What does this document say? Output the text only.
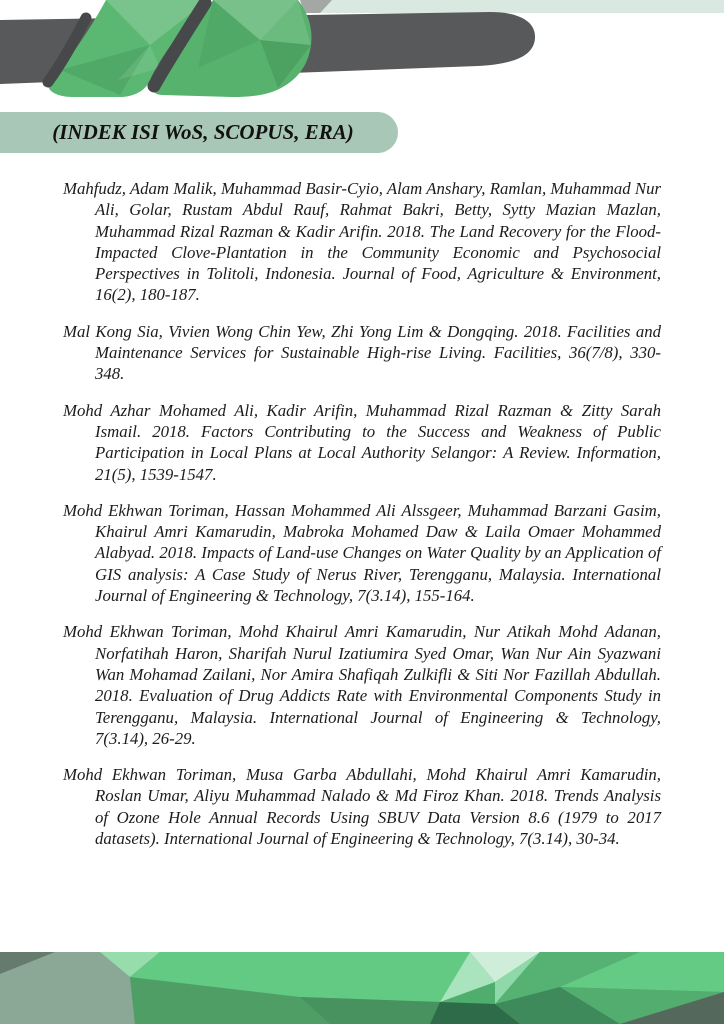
(INDEK ISI WoS, SCOPUS, ERA)

Mahfudz, Adam Malik, Muhammad Basir-Cyio, Alam Anshary, Ramlan, Muhammad Nur Ali, Golar, Rustam Abdul Rauf, Rahmat Bakri, Betty, Sytty Mazian Mazlan, Muhammad Rizal Razman & Kadir Arifin. 2018. The Land Recovery for the Flood-Impacted Clove-Plantation in the Community Economic and Psychosocial Perspectives in Tolitoli, Indonesia. Journal of Food, Agriculture & Environment, 16(2), 180-187.

Mal Kong Sia, Vivien Wong Chin Yew, Zhi Yong Lim & Dongqing. 2018. Facilities and Maintenance Services for Sustainable High-rise Living. Facilities, 36(7/8), 330-348.

Mohd Azhar Mohamed Ali, Kadir Arifin, Muhammad Rizal Razman & Zitty Sarah Ismail. 2018. Factors Contributing to the Success and Weakness of Public Participation in Local Plans at Local Authority Selangor: A Review. Information, 21(5), 1539-1547.

Mohd Ekhwan Toriman, Hassan Mohammed Ali Alssgeer, Muhammad Barzani Gasim, Khairul Amri Kamarudin, Mabroka Mohamed Daw & Laila Omaer Mohammed Alabyad. 2018. Impacts of Land-use Changes on Water Quality by an Application of GIS analysis: A Case Study of Nerus River, Terengganu, Malaysia. International Journal of Engineering & Technology, 7(3.14), 155-164.

Mohd Ekhwan Toriman, Mohd Khairul Amri Kamarudin, Nur Atikah Mohd Adanan, Norfatihah Haron, Sharifah Nurul Izatiumira Syed Omar, Wan Nur Ain Syazwani Wan Mohamad Zailani, Nor Amira Shafiqah Zulkifli & Siti Nor Fazillah Abdullah. 2018. Evaluation of Drug Addicts Rate with Environmental Components Study in Terengganu, Malaysia. International Journal of Engineering & Technology, 7(3.14), 26-29.

Mohd Ekhwan Toriman, Musa Garba Abdullahi, Mohd Khairul Amri Kamarudin, Roslan Umar, Aliyu Muhammad Nalado & Md Firoz Khan. 2018. Trends Analysis of Ozone Hole Annual Records Using SBUV Data Version 8.6 (1979 to 2017 datasets). International Journal of Engineering & Technology, 7(3.14), 30-34.
